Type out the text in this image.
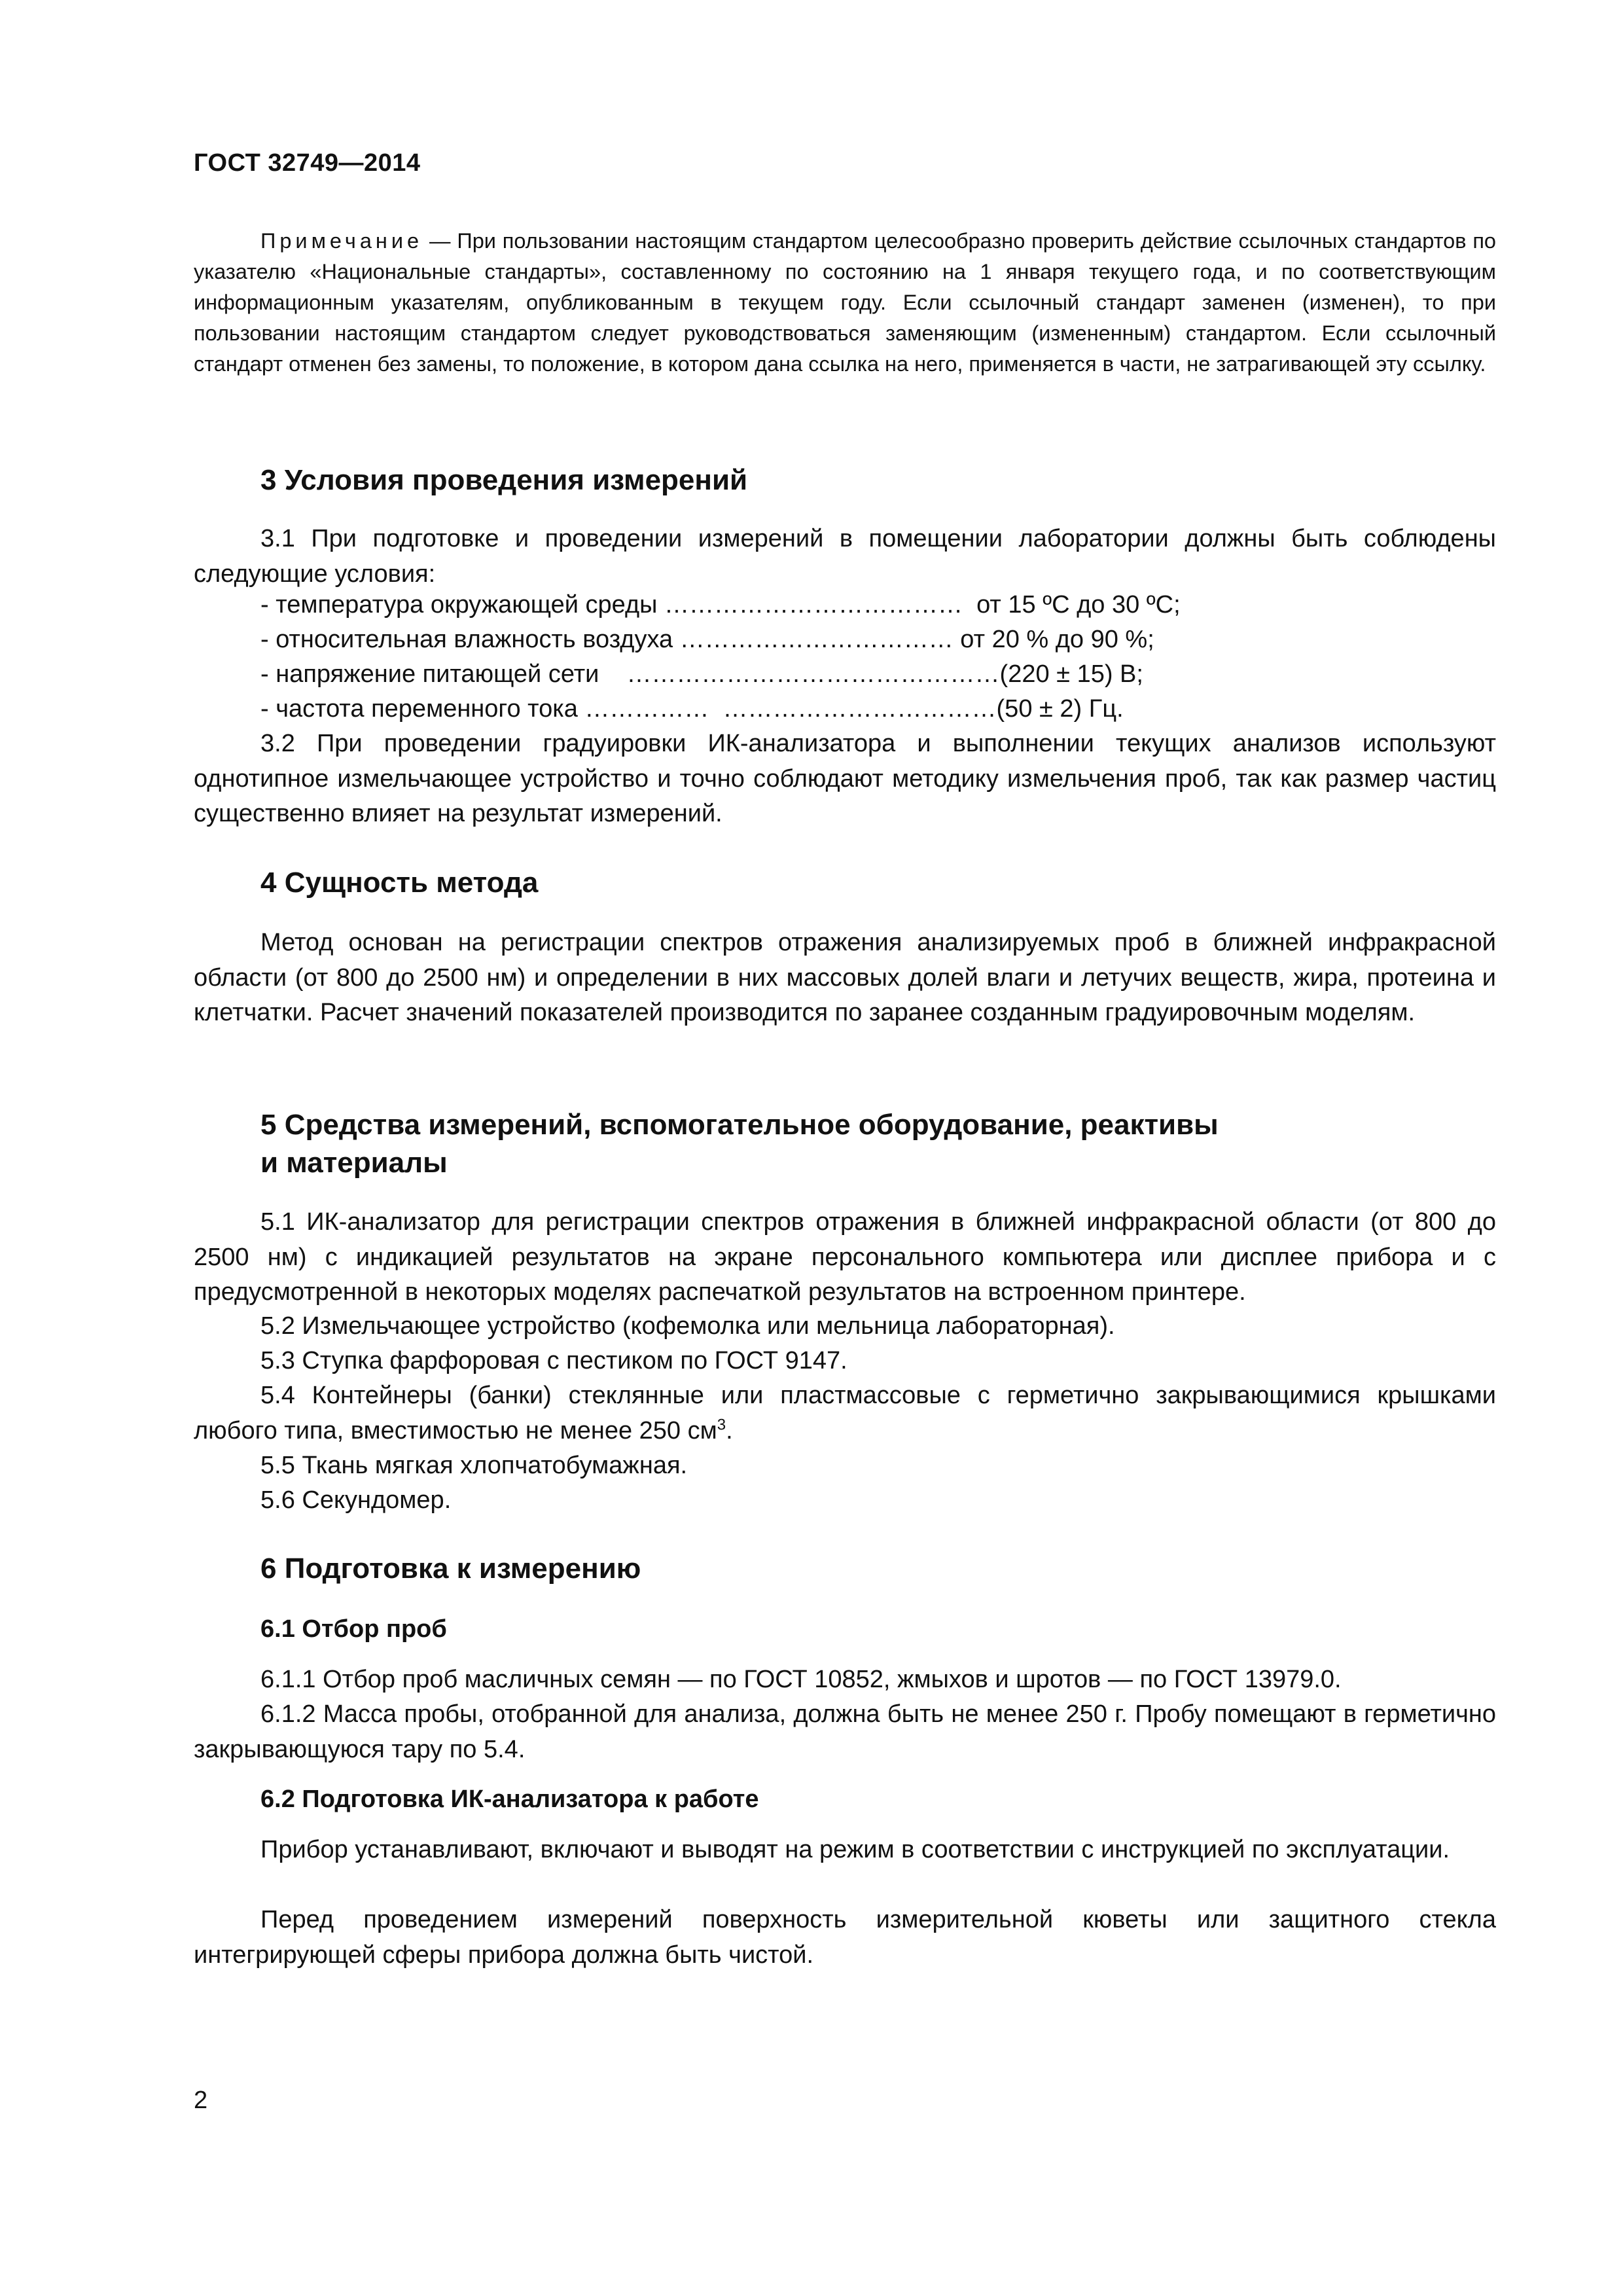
ГОСТ 32749—2014
Примечание — При пользовании настоящим стандартом целесообразно проверить действие ссылочных стандартов по указателю «Национальные стандарты», составленному по состоянию на 1 января текущего года, и по соответствующим информационным указателям, опубликованным в текущем году. Если ссылочный стандарт заменен (изменен), то при пользовании настоящим стандартом следует руководствоваться заменяющим (измененным) стандартом. Если ссылочный стандарт отменен без замены, то положение, в котором дана ссылка на него, применяется в части, не затрагивающей эту ссылку.
3 Условия проведения измерений
3.1 При подготовке и проведении измерений в помещении лаборатории должны быть соблюдены следующие условия:
- температура окружающей среды ………………………………  от 15 ºС до 30 ºС;
- относительная влажность воздуха …………………………… от 20 % до 90 %;
- напряжение питающей сети    ………………………………………(220 ± 15) В;
- частота переменного тока ……………  ……………………………(50 ± 2) Гц.
3.2 При проведении градуировки ИК-анализатора и выполнении текущих анализов используют однотипное измельчающее устройство и точно соблюдают методику измельчения проб, так как размер частиц существенно влияет на результат измерений.
4 Сущность метода
Метод основан на регистрации спектров отражения анализируемых проб в ближней инфракрасной области (от 800 до 2500 нм) и определении в них массовых долей влаги и летучих веществ, жира, протеина и клетчатки. Расчет значений показателей производится по заранее созданным градуировочным моделям.
5 Средства измерений, вспомогательное оборудование, реактивы
и материалы
5.1 ИК-анализатор для регистрации спектров отражения в ближней инфракрасной области (от 800 до 2500 нм) с индикацией результатов на экране персонального компьютера или дисплее прибора и с предусмотренной в некоторых моделях распечаткой результатов на встроенном принтере.
5.2 Измельчающее устройство (кофемолка или мельница лабораторная).
5.3 Ступка фарфоровая с пестиком по ГОСТ 9147.
5.4 Контейнеры (банки) стеклянные или пластмассовые с герметично закрывающимися крышками любого типа, вместимостью не менее 250 $см^3$.
5.5 Ткань мягкая хлопчатобумажная.
5.6 Секундомер.
6 Подготовка к измерению
6.1 Отбор проб
6.1.1 Отбор проб масличных семян — по ГОСТ 10852, жмыхов и шротов — по ГОСТ 13979.0.
6.1.2 Масса пробы, отобранной для анализа, должна быть не менее 250 г. Пробу помещают в герметично закрывающуюся тару по 5.4.
6.2 Подготовка ИК-анализатора к работе
Прибор устанавливают, включают и выводят на режим в соответствии с инструкцией по эксплуатации.
Перед проведением измерений поверхность измерительной кюветы или защитного стекла интегрирующей сферы прибора должна быть чистой.
2
